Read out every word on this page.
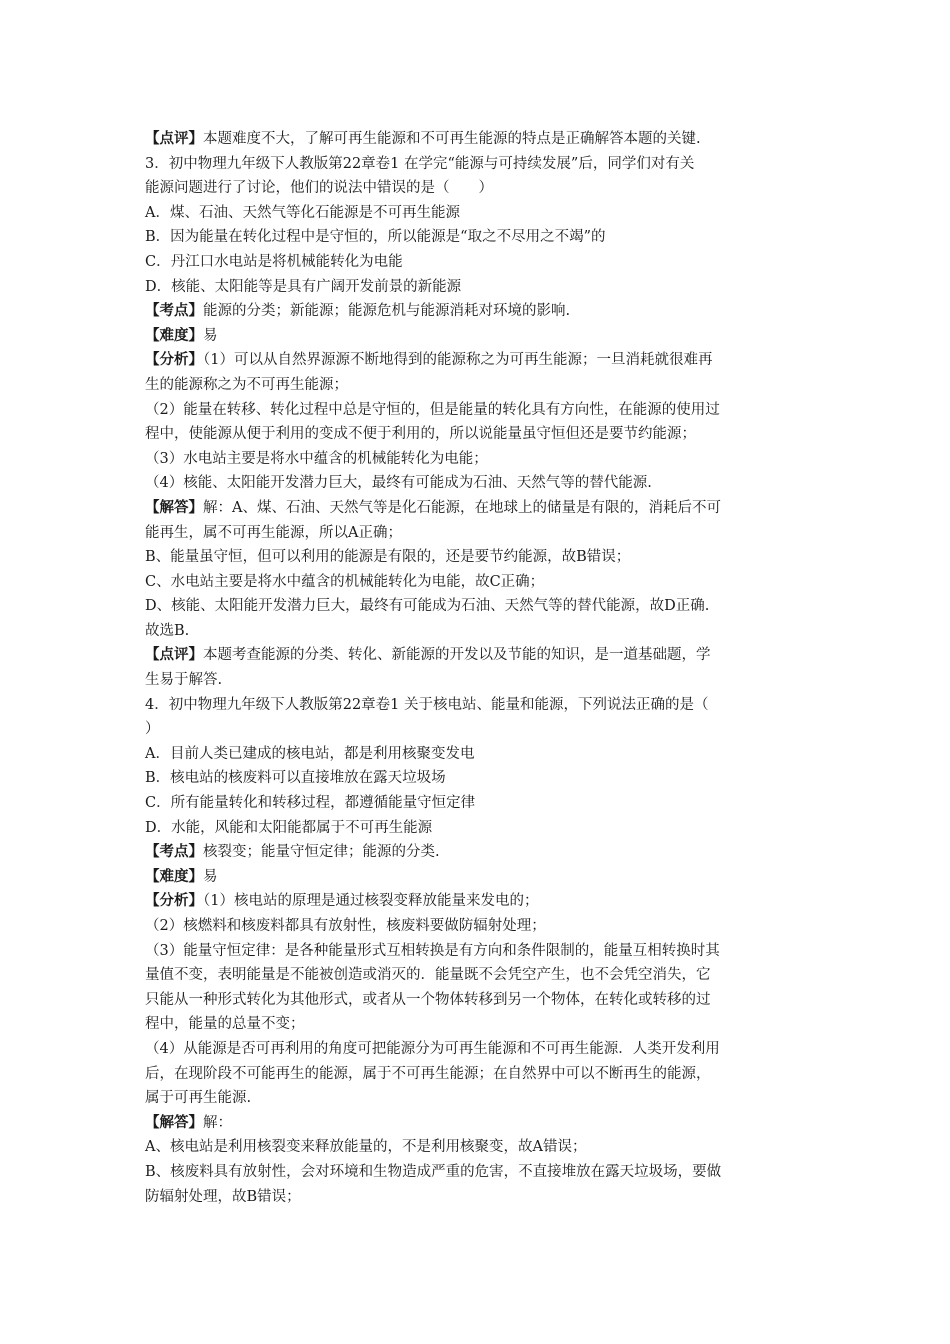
【点评】本题难度不大，了解可再生能源和不可再生能源的特点是正确解答本题的关键.
3．初中物理九年级下人教版第22章卷1 在学完“能源与可持续发展”后，同学们对有关
能源问题进行了讨论，他们的说法中错误的是（　　）
A．煤、石油、天然气等化石能源是不可再生能源
B．因为能量在转化过程中是守恒的，所以能源是“取之不尽用之不竭”的
C．丹江口水电站是将机械能转化为电能
D．核能、太阳能等是具有广阔开发前景的新能源
【考点】能源的分类；新能源；能源危机与能源消耗对环境的影响.
【难度】易
【分析】（1）可以从自然界源源不断地得到的能源称之为可再生能源；一旦消耗就很难再
生的能源称之为不可再生能源；
（2）能量在转移、转化过程中总是守恒的，但是能量的转化具有方向性，在能源的使用过
程中，使能源从便于利用的变成不便于利用的，所以说能量虽守恒但还是要节约能源；
（3）水电站主要是将水中蕴含的机械能转化为电能；
（4）核能、太阳能开发潜力巨大，最终有可能成为石油、天然气等的替代能源.
【解答】解：A、煤、石油、天然气等是化石能源，在地球上的储量是有限的，消耗后不可
能再生，属不可再生能源，所以A正确；
B、能量虽守恒，但可以利用的能源是有限的，还是要节约能源，故B错误；
C、水电站主要是将水中蕴含的机械能转化为电能，故C正确；
D、核能、太阳能开发潜力巨大，最终有可能成为石油、天然气等的替代能源，故D正确.
故选B.
【点评】本题考查能源的分类、转化、新能源的开发以及节能的知识，是一道基础题，学
生易于解答.
4．初中物理九年级下人教版第22章卷1 关于核电站、能量和能源，下列说法正确的是（
）
A．目前人类已建成的核电站，都是利用核聚变发电
B．核电站的核废料可以直接堆放在露天垃圾场
C．所有能量转化和转移过程，都遵循能量守恒定律
D．水能，风能和太阳能都属于不可再生能源
【考点】核裂变；能量守恒定律；能源的分类.
【难度】易
【分析】（1）核电站的原理是通过核裂变释放能量来发电的；
（2）核燃料和核废料都具有放射性，核废料要做防辐射处理；
（3）能量守恒定律：是各种能量形式互相转换是有方向和条件限制的，能量互相转换时其
量值不变，表明能量是不能被创造或消灭的．能量既不会凭空产生，也不会凭空消失，它
只能从一种形式转化为其他形式，或者从一个物体转移到另一个物体，在转化或转移的过
程中，能量的总量不变；
（4）从能源是否可再利用的角度可把能源分为可再生能源和不可再生能源．人类开发利用
后，在现阶段不可能再生的能源，属于不可再生能源；在自然界中可以不断再生的能源，
属于可再生能源.
【解答】解：
A、核电站是利用核裂变来释放能量的，不是利用核聚变，故A错误；
B、核废料具有放射性，会对环境和生物造成严重的危害，不直接堆放在露天垃圾场，要做
防辐射处理，故B错误；
